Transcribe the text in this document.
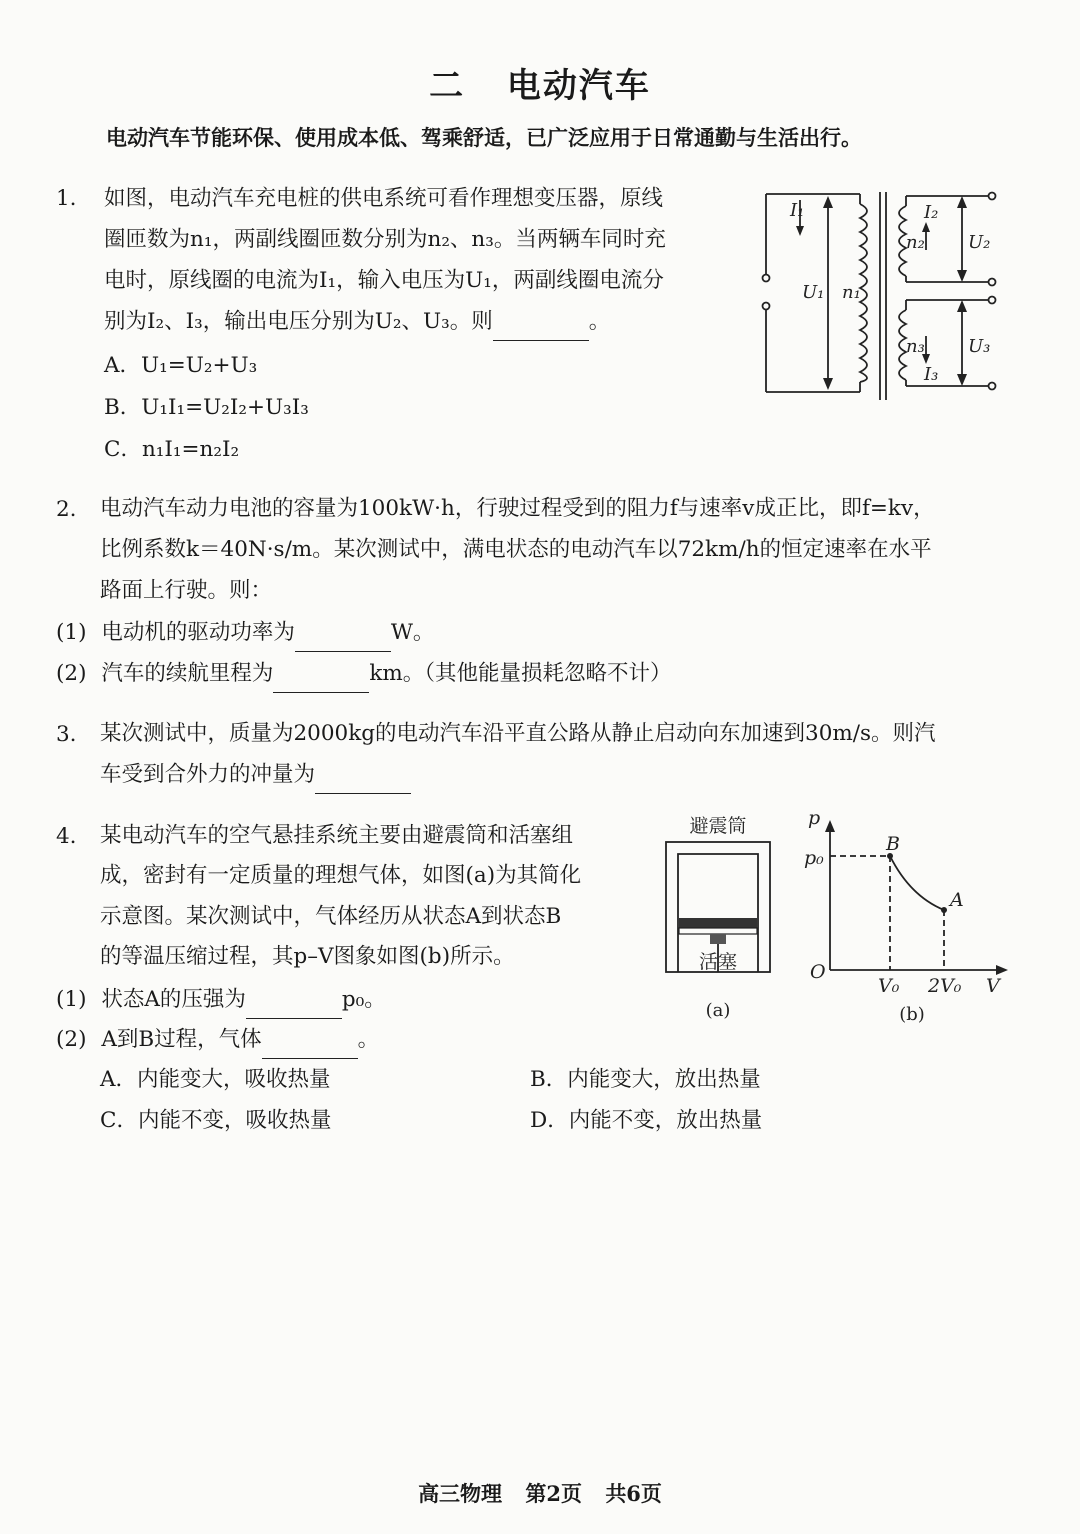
二 电动汽车
电动汽车节能环保、使用成本低、驾乘舒适，已广泛应用于日常通勤与生活出行。
1. 如图，电动汽车充电桩的供电系统可看作理想变压器，原线
圈匝数为n₁，两副线圈匝数分别为n₂、n₃。当两辆车同时充
电时，原线圈的电流为I₁，输入电压为U₁，两副线圈电流分
别为I₂、I₃，输出电压分别为U₂、U₃。则	。
A．U₁=U₂+U₃
B．U₁I₁=U₂I₂+U₃I₃
C．n₁I₁=n₂I₂
I₁
U₁ n₁
I₂
n₂ U₂
n₃
I₃
U₃
2. 电动汽车动力电池的容量为100kW·h，行驶过程受到的阻力f与速率v成正比，即f=kv，
比例系数k＝40N·s/m。某次测试中，满电状态的电动汽车以72km/h的恒定速率在水平
路面上行驶。则：
(1) 电动机的驱动功率为	W。
(2) 汽车的续航里程为	km。（其他能量损耗忽略不计）
3. 某次测试中，质量为2000kg的电动汽车沿平直公路从静止启动向东加速到30m/s。则汽
车受到合外力的冲量为
4. 某电动汽车的空气悬挂系统主要由避震筒和活塞组
成，密封有一定质量的理想气体，如图(a)为其简化
示意图。某次测试中，气体经历从状态A到状态B
的等温压缩过程，其p–V图象如图(b)所示。
(1) 状态A的压强为	p₀。
(2) A到B过程，气体	。
A．内能变大，吸收热量	B．内能变大，放出热量
C．内能不变，吸收热量	D．内能不变，放出热量
避震筒
活塞
(a)
p
p₀
B
A
O
V₀ 2V₀ V
(b)
高三物理 第2页 共6页
